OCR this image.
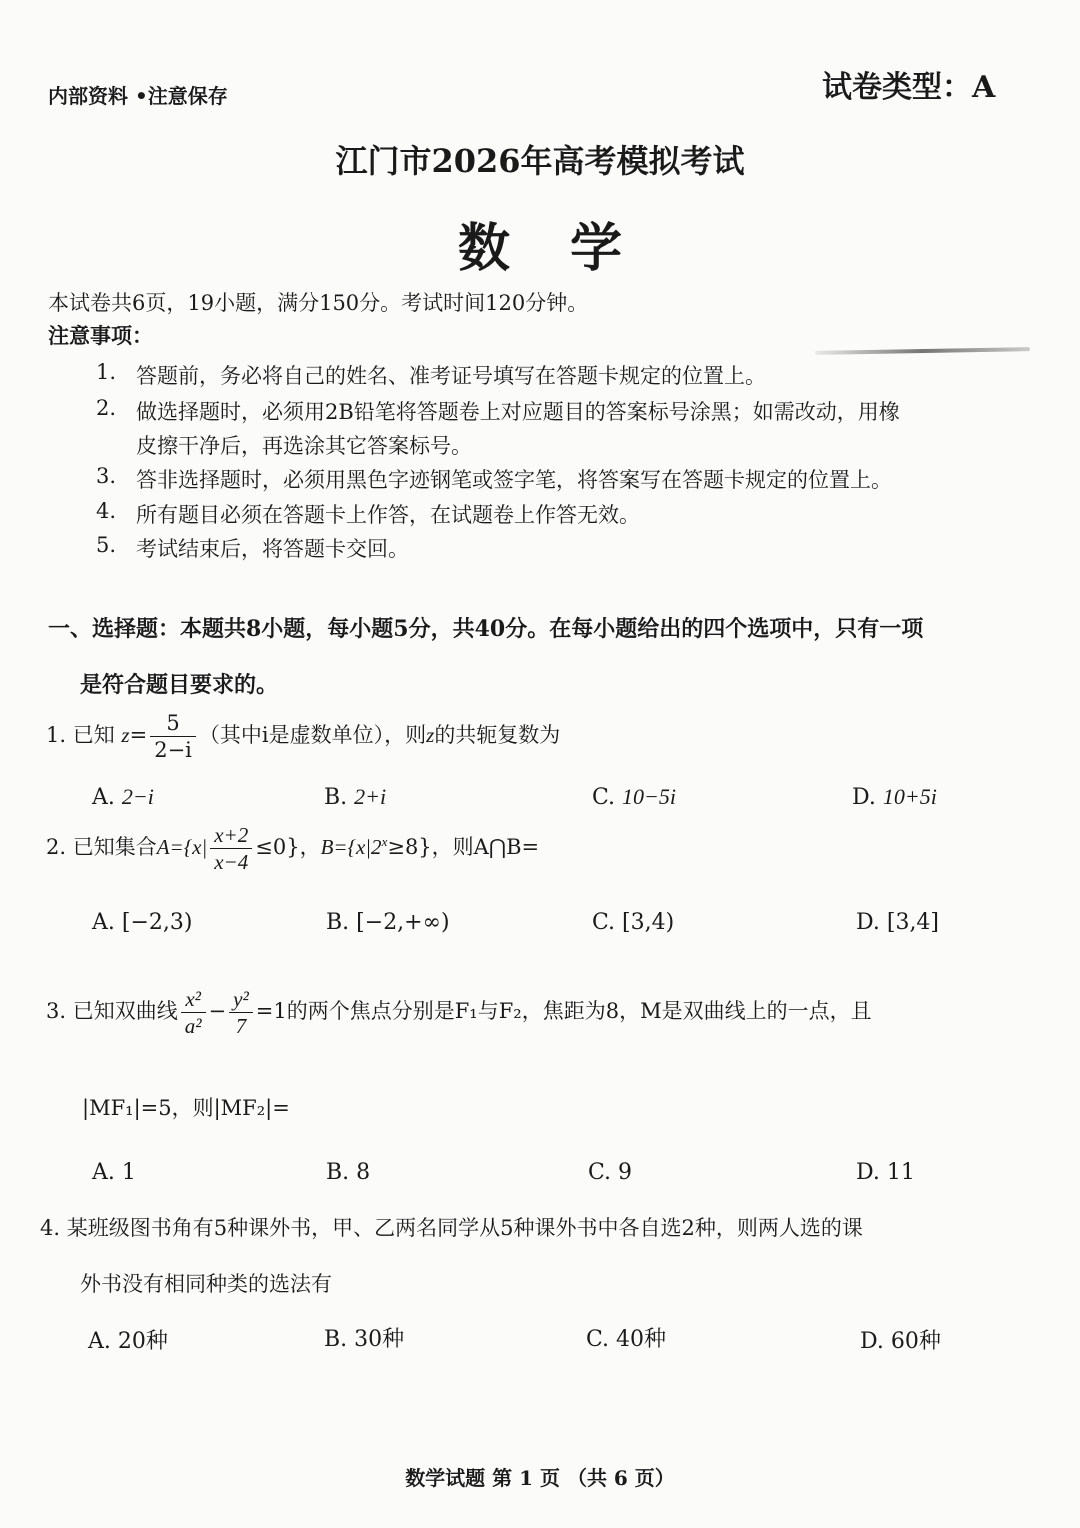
内部资料 •注意保存	试卷类型：A
江门市2026年高考模拟考试
数学
本试卷共6页，19小题，满分150分。考试时间120分钟。
注意事项：
1. 答题前，务必将自己的姓名、准考证号填写在答题卡规定的位置上。
2. 做选择题时，必须用2B铅笔将答题卷上对应题目的答案标号涂黑；如需改动，用橡
皮擦干净后，再选涂其它答案标号。
3. 答非选择题时，必须用黑色字迹钢笔或签字笔，将答案写在答题卡规定的位置上。
4. 所有题目必须在答题卡上作答，在试题卷上作答无效。
5. 考试结束后，将答题卡交回。
一、选择题：本题共8小题，每小题5分，共40分。在每小题给出的四个选项中，只有一项
是符合题目要求的。
1. 已知 $z= \frac{5}{2-i}$ （其中i是虚数单位），则z的共轭复数为
A. 2−i	B. 2+i	C. 10−5i	D. 10+5i
2. 已知集合$A=\{x| \frac{x+2}{x-4} \le 0\}$，$B=\{x|2^x\ge 8\}$，则A⋂B=
A. [−2,3)	B. [−2,+∞)	C. [3,4)	D. [3,4]
3. 已知双曲线 $\frac{\text{x²}}{\text{a²}} - \frac{\text{y²}}{7} =1$的两个焦点分别是F₁与F₂，焦距为8，M是双曲线上的一点，且
|MF₁|=5，则|MF₂|=
A. 1	B. 8	C. 9	D. 11
4. 某班级图书角有5种课外书，甲、乙两名同学从5种课外书中各自选2种，则两人选的课
外书没有相同种类的选法有
A. 20种	B. 30种	C. 40种	D. 60种
数学试题 第 1 页 （共 6 页）
